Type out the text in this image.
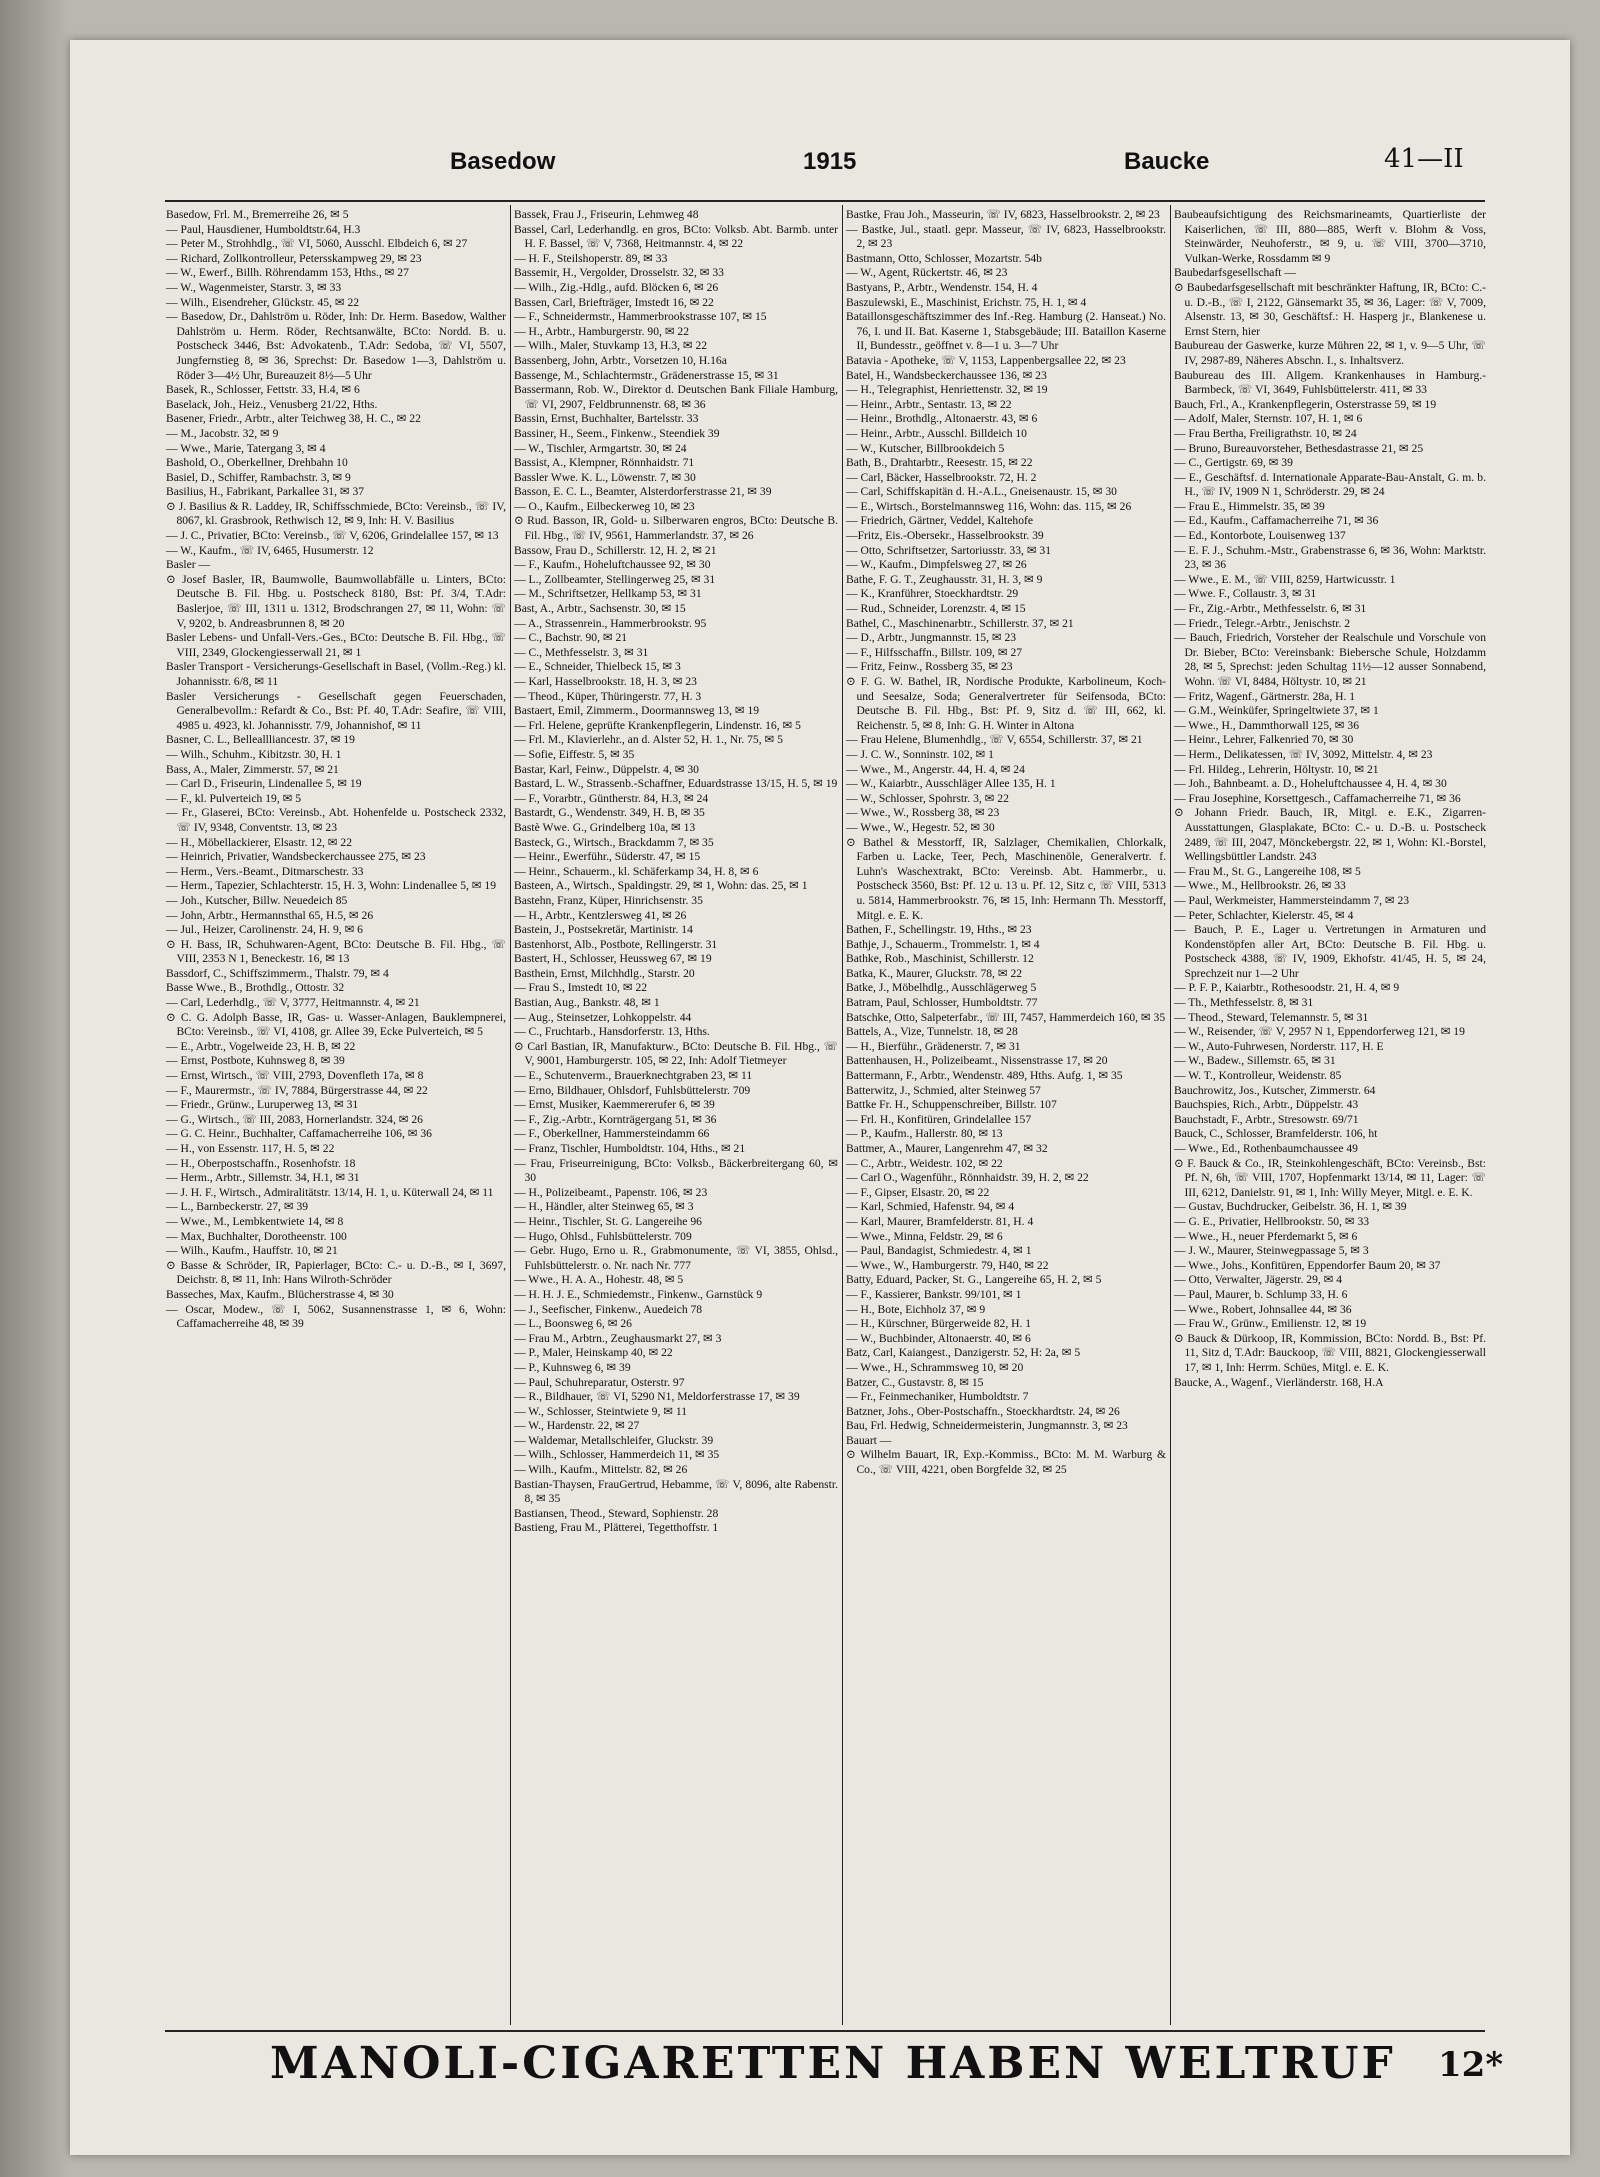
Basedow	1915	Baucke	41—II
Basedow, Frl. M., Bremerreihe 26, ✉ 5
— Paul, Hausdiener, Humboldtstr.64, H.3
— Peter M., Strohhdlg., ☏ VI, 5060, Ausschl. Elbdeich 6, ✉ 27
— Richard, Zollkontrolleur, Petersskampweg 29, ✉ 23
— W., Ewerf., Billh. Röhrendamm 153, Hths., ✉ 27
— W., Wagenmeister, Starstr. 3, ✉ 33
— Wilh., Eisendreher, Glückstr. 45, ✉ 22
— Basedow, Dr., Dahlström u. Röder, Inh: Dr. Herm. Basedow, Walther Dahlström u. Herm. Röder, Rechtsanwälte, BCto: Nordd. B. u. Postscheck 3446, Bst: Advokatenb., T.Adr: Sedoba, ☏ VI, 5507, Jungfernstieg 8, ✉ 36, Sprechst: Dr. Basedow 1—3, Dahlström u. Röder 3—4½ Uhr, Bureauzeit 8½—5 Uhr
Basek, R., Schlosser, Fettstr. 33, H.4, ✉ 6
Baselack, Joh., Heiz., Venusberg 21/22, Hths.
Basener, Friedr., Arbtr., alter Teichweg 38, H. C., ✉ 22
— M., Jacobstr. 32, ✉ 9
— Wwe., Marie, Tatergang 3, ✉ 4
Bashold, O., Oberkellner, Drehbahn 10
Basiel, D., Schiffer, Rambachstr. 3, ✉ 9
Basilius, H., Fabrikant, Parkallee 31, ✉ 37
⊙ J. Basilius & R. Laddey, IR, Schiffsschmiede, BCto: Vereinsb., ☏ IV, 8067, kl. Grasbrook, Rethwisch 12, ✉ 9, Inh: H. V. Basilius
— J. C., Privatier, BCto: Vereinsb., ☏ V, 6206, Grindelallee 157, ✉ 13
— W., Kaufm., ☏ IV, 6465, Husumerstr. 12
Basler —
⊙ Josef Basler, IR, Baumwolle, Baumwollabfälle u. Linters, BCto: Deutsche B. Fil. Hbg. u. Postscheck 8180, Bst: Pf. 3/4, T.Adr: Baslerjoe, ☏ III, 1311 u. 1312, Brodschrangen 27, ✉ 11, Wohn: ☏ V, 9202, b. Andreasbrunnen 8, ✉ 20
Basler Lebens- und Unfall-Vers.-Ges., BCto: Deutsche B. Fil. Hbg., ☏ VIII, 2349, Glockengiesserwall 21, ✉ 1
Basler Transport - Versicherungs-Gesellschaft in Basel, (Vollm.-Reg.) kl. Johannisstr. 6/8, ✉ 11
Basler Versicherungs - Gesellschaft gegen Feuerschaden, Generalbevollm.: Refardt & Co., Bst: Pf. 40, T.Adr: Seafire, ☏ VIII, 4985 u. 4923, kl. Johannisstr. 7/9, Johannishof, ✉ 11
Basner, C. L., Belleallliancestr. 37, ✉ 19
— Wilh., Schuhm., Kibitzstr. 30, H. 1
Bass, A., Maler, Zimmerstr. 57, ✉ 21
— Carl D., Friseurin, Lindenallee 5, ✉ 19
— F., kl. Pulverteich 19, ✉ 5
— Fr., Glaserei, BCto: Vereinsb., Abt. Hohenfelde u. Postscheck 2332, ☏ IV, 9348, Conventstr. 13, ✉ 23
— H., Möbellackierer, Elsastr. 12, ✉ 22
— Heinrich, Privatier, Wandsbeckerchaussee 275, ✉ 23
— Herm., Vers.-Beamt., Ditmarschestr. 33
— Herm., Tapezier, Schlachterstr. 15, H. 3, Wohn: Lindenallee 5, ✉ 19
— Joh., Kutscher, Billw. Neuedeich 85
— John, Arbtr., Hermannsthal 65, H.5, ✉ 26
— Jul., Heizer, Carolinenstr. 24, H. 9, ✉ 6
⊙ H. Bass, IR, Schuhwaren-Agent, BCto: Deutsche B. Fil. Hbg., ☏ VIII, 2353 N 1, Beneckestr. 16, ✉ 13
Bassdorf, C., Schiffszimmerm., Thalstr. 79, ✉ 4
Basse Wwe., B., Brothdlg., Ottostr. 32
— Carl, Lederhdlg., ☏ V, 3777, Heitmannstr. 4, ✉ 21
⊙ C. G. Adolph Basse, IR, Gas- u. Wasser-Anlagen, Bauklempnerei, BCto: Vereinsb., ☏ VI, 4108, gr. Allee 39, Ecke Pulverteich, ✉ 5
— E., Arbtr., Vogelweide 23, H. B, ✉ 22
— Ernst, Postbote, Kuhnsweg 8, ✉ 39
— Ernst, Wirtsch., ☏ VIII, 2793, Dovenfleth 17a, ✉ 8
— F., Maurermstr., ☏ IV, 7884, Bürgerstrasse 44, ✉ 22
— Friedr., Grünw., Luruperweg 13, ✉ 31
— G., Wirtsch., ☏ III, 2083, Hornerlandstr. 324, ✉ 26
— G. C. Heinr., Buchhalter, Caffamacherreihe 106, ✉ 36
— H., von Essenstr. 117, H. 5, ✉ 22
— H., Oberpostschaffn., Rosenhofstr. 18
— Herm., Arbtr., Sillemstr. 34, H.1, ✉ 31
— J. H. F., Wirtsch., Admiralitätstr. 13/14, H. 1, u. Küterwall 24, ✉ 11
— L., Barnbeckerstr. 27, ✉ 39
— Wwe., M., Lembkentwiete 14, ✉ 8
— Max, Buchhalter, Dorotheenstr. 100
— Wilh., Kaufm., Hauffstr. 10, ✉ 21
⊙ Basse & Schröder, IR, Papierlager, BCto: C.- u. D.-B., ✉ I, 3697, Deichstr. 8, ✉ 11, Inh: Hans Wilroth-Schröder
Basseches, Max, Kaufm., Blücherstrasse 4, ✉ 30
— Oscar, Modew., ☏ I, 5062, Susannenstrasse 1, ✉ 6, Wohn: Caffamacherreihe 48, ✉ 39
Bassek, Frau J., Friseurin, Lehmweg 48
Bassel, Carl, Lederhandlg. en gros, BCto: Volksb. Abt. Barmb. unter H. F. Bassel, ☏ V, 7368, Heitmannstr. 4, ✉ 22
— H. F., Steilshoperstr. 89, ✉ 33
Bassemir, H., Vergolder, Drosselstr. 32, ✉ 33
— Wilh., Zig.-Hdlg., aufd. Blöcken 6, ✉ 26
Bassen, Carl, Briefträger, Imstedt 16, ✉ 22
— F., Schneidermstr., Hammerbrookstrasse 107, ✉ 15
— H., Arbtr., Hamburgerstr. 90, ✉ 22
— Wilh., Maler, Stuvkamp 13, H.3, ✉ 22
Bassenberg, John, Arbtr., Vorsetzen 10, H.16a
Bassenge, M., Schlachtermstr., Grädenerstrasse 15, ✉ 31
Bassermann, Rob. W., Direktor d. Deutschen Bank Filiale Hamburg, ☏ VI, 2907, Feldbrunnenstr. 68, ✉ 36
Bassin, Ernst, Buchhalter, Bartelsstr. 33
Bassiner, H., Seem., Finkenw., Steendiek 39
— W., Tischler, Armgartstr. 30, ✉ 24
Bassist, A., Klempner, Rönnhaidstr. 71
Bassler Wwe. K. L., Löwenstr. 7, ✉ 30
Basson, E. C. L., Beamter, Alsterdorferstrasse 21, ✉ 39
— O., Kaufm., Eilbeckerweg 10, ✉ 23
⊙ Rud. Basson, IR, Gold- u. Silberwaren engros, BCto: Deutsche B. Fil. Hbg., ☏ IV, 9561, Hammerlandstr. 37, ✉ 26
Bassow, Frau D., Schillerstr. 12, H. 2, ✉ 21
— F., Kaufm., Hoheluftchaussee 92, ✉ 30
— L., Zollbeamter, Stellingerweg 25, ✉ 31
— M., Schriftsetzer, Hellkamp 53, ✉ 31
Bast, A., Arbtr., Sachsenstr. 30, ✉ 15
— A., Strassenrein., Hammerbrookstr. 95
— C., Bachstr. 90, ✉ 21
— C., Methfesselstr. 3, ✉ 31
— E., Schneider, Thielbeck 15, ✉ 3
— Karl, Hasselbrookstr. 18, H. 3, ✉ 23
— Theod., Küper, Thüringerstr. 77, H. 3
Bastaert, Emil, Zimmerm., Doormannsweg 13, ✉ 19
— Frl. Helene, geprüfte Krankenpflegerin, Lindenstr. 16, ✉ 5
— Frl. M., Klavierlehr., an d. Alster 52, H. 1., Nr. 75, ✉ 5
— Sofie, Eiffestr. 5, ✉ 35
Bastar, Karl, Feinw., Düppelstr. 4, ✉ 30
Bastard, L. W., Strassenb.-Schaffner, Eduardstrasse 13/15, H. 5, ✉ 19
— F., Vorarbtr., Güntherstr. 84, H.3, ✉ 24
Bastardt, G., Wendenstr. 349, H. B, ✉ 35
Bastè Wwe. G., Grindelberg 10a, ✉ 13
Basteck, G., Wirtsch., Brackdamm 7, ✉ 35
— Heinr., Ewerführ., Süderstr. 47, ✉ 15
— Heinr., Schauerm., kl. Schäferkamp 34, H. 8, ✉ 6
Basteen, A., Wirtsch., Spaldingstr. 29, ✉ 1, Wohn: das. 25, ✉ 1
Bastehn, Franz, Küper, Hinrichsenstr. 35
— H., Arbtr., Kentzlersweg 41, ✉ 26
Bastein, J., Postsekretär, Martinistr. 14
Bastenhorst, Alb., Postbote, Rellingerstr. 31
Bastert, H., Schlosser, Heussweg 67, ✉ 19
Basthein, Ernst, Milchhdlg., Starstr. 20
— Frau S., Imstedt 10, ✉ 22
Bastian, Aug., Bankstr. 48, ✉ 1
— Aug., Steinsetzer, Lohkoppelstr. 44
— C., Fruchtarb., Hansdorferstr. 13, Hths.
⊙ Carl Bastian, IR, Manufakturw., BCto: Deutsche B. Fil. Hbg., ☏ V, 9001, Hamburgerstr. 105, ✉ 22, Inh: Adolf Tietmeyer
— E., Schutenverm., Brauerknechtgraben 23, ✉ 11
— Erno, Bildhauer, Ohlsdorf, Fuhlsbüttelerstr. 709
— Ernst, Musiker, Kaemmererufer 6, ✉ 39
— F., Zig.-Arbtr., Kornträgergang 51, ✉ 36
— F., Oberkellner, Hammersteindamm 66
— Franz, Tischler, Humboldtstr. 104, Hths., ✉ 21
— Frau, Friseurreinigung, BCto: Volksb., Bäckerbreitergang 60, ✉ 30
— H., Polizeibeamt., Papenstr. 106, ✉ 23
— H., Händler, alter Steinweg 65, ✉ 3
— Heinr., Tischler, St. G. Langereihe 96
— Hugo, Ohlsd., Fuhlsbüttelerstr. 709
— Gebr. Hugo, Erno u. R., Grabmonumente, ☏ VI, 3855, Ohlsd., Fuhlsbüttelerstr. o. Nr. nach Nr. 777
— Wwe., H. A. A., Hohestr. 48, ✉ 5
— H. H. J. E., Schmiedemstr., Finkenw., Garnstück 9
— J., Seefischer, Finkenw., Auedeich 78
— L., Boonsweg 6, ✉ 26
— Frau M., Arbtrn., Zeughausmarkt 27, ✉ 3
— P., Maler, Heinskamp 40, ✉ 22
— P., Kuhnsweg 6, ✉ 39
— Paul, Schuhreparatur, Osterstr. 97
— R., Bildhauer, ☏ VI, 5290 N1, Meldorferstrasse 17, ✉ 39
— W., Schlosser, Steintwiete 9, ✉ 11
— W., Hardenstr. 22, ✉ 27
— Waldemar, Metallschleifer, Gluckstr. 39
— Wilh., Schlosser, Hammerdeich 11, ✉ 35
— Wilh., Kaufm., Mittelstr. 82, ✉ 26
Bastian-Thaysen, FrauGertrud, Hebamme, ☏ V, 8096, alte Rabenstr. 8, ✉ 35
Bastiansen, Theod., Steward, Sophienstr. 28
Bastieng, Frau M., Plätterei, Tegetthoffstr. 1
Bastke, Frau Joh., Masseurin, ☏ IV, 6823, Hasselbrookstr. 2, ✉ 23
— Bastke, Jul., staatl. gepr. Masseur, ☏ IV, 6823, Hasselbrookstr. 2, ✉ 23
Bastmann, Otto, Schlosser, Mozartstr. 54b
— W., Agent, Rückertstr. 46, ✉ 23
Bastyans, P., Arbtr., Wendenstr. 154, H. 4
Baszulewski, E., Maschinist, Erichstr. 75, H. 1, ✉ 4
Bataillonsgeschäftszimmer des Inf.-Reg. Hamburg (2. Hanseat.) No. 76, I. und II. Bat. Kaserne 1, Stabsgebäude; III. Bataillon Kaserne II, Bundesstr., geöffnet v. 8—1 u. 3—7 Uhr
Batavia - Apotheke, ☏ V, 1153, Lappenbergsallee 22, ✉ 23
Batel, H., Wandsbeckerchaussee 136, ✉ 23
— H., Telegraphist, Henriettenstr. 32, ✉ 19
— Heinr., Arbtr., Sentastr. 13, ✉ 22
— Heinr., Brothdlg., Altonaerstr. 43, ✉ 6
— Heinr., Arbtr., Ausschl. Billdeich 10
— W., Kutscher, Billbrookdeich 5
Bath, B., Drahtarbtr., Reesestr. 15, ✉ 22
— Carl, Bäcker, Hasselbrookstr. 72, H. 2
— Carl, Schiffskapitän d. H.-A.L., Gneisenaustr. 15, ✉ 30
— E., Wirtsch., Borstelmannsweg 116, Wohn: das. 115, ✉ 26
— Friedrich, Gärtner, Veddel, Kaltehofe
—Fritz, Eis.-Obersekr., Hasselbrookstr. 39
— Otto, Schriftsetzer, Sartoriusstr. 33, ✉ 31
— W., Kaufm., Dimpfelsweg 27, ✉ 26
Bathe, F. G. T., Zeughausstr. 31, H. 3, ✉ 9
— K., Kranführer, Stoeckhardtstr. 29
— Rud., Schneider, Lorenzstr. 4, ✉ 15
Bathel, C., Maschinenarbtr., Schillerstr. 37, ✉ 21
— D., Arbtr., Jungmannstr. 15, ✉ 23
— F., Hilfsschaffn., Billstr. 109, ✉ 27
— Fritz, Feinw., Rossberg 35, ✉ 23
⊙ F. G. W. Bathel, IR, Nordische Produkte, Karbolineum, Koch- und Seesalze, Soda; Generalvertreter für Seifensoda, BCto: Deutsche B. Fil. Hbg., Bst: Pf. 9, Sitz d. ☏ III, 662, kl. Reichenstr. 5, ✉ 8, Inh: G. H. Winter in Altona
— Frau Helene, Blumenhdlg., ☏ V, 6554, Schillerstr. 37, ✉ 21
— J. C. W., Sonninstr. 102, ✉ 1
— Wwe., M., Angerstr. 44, H. 4, ✉ 24
— W., Kaiarbtr., Ausschläger Allee 135, H. 1
— W., Schlosser, Spohrstr. 3, ✉ 22
— Wwe., W., Rossberg 38, ✉ 23
— Wwe., W., Hegestr. 52, ✉ 30
⊙ Bathel & Messtorff, IR, Salzlager, Chemikalien, Chlorkalk, Farben u. Lacke, Teer, Pech, Maschinenöle, Generalvertr. f. Luhn's Waschextrakt, BCto: Vereinsb. Abt. Hammerbr., u. Postscheck 3560, Bst: Pf. 12 u. 13 u. Pf. 12, Sitz c, ☏ VIII, 5313 u. 5814, Hammerbrookstr. 76, ✉ 15, Inh: Hermann Th. Messtorff, Mitgl. e. E. K.
Bathen, F., Schellingstr. 19, Hths., ✉ 23
Bathje, J., Schauerm., Trommelstr. 1, ✉ 4
Bathke, Rob., Maschinist, Schillerstr. 12
Batka, K., Maurer, Gluckstr. 78, ✉ 22
Batke, J., Möbelhdlg., Ausschlägerweg 5
Batram, Paul, Schlosser, Humboldtstr. 77
Batschke, Otto, Salpeterfabr., ☏ III, 7457, Hammerdeich 160, ✉ 35
Battels, A., Vize, Tunnelstr. 18, ✉ 28
— H., Bierführ., Grädenerstr. 7, ✉ 31
Battenhausen, H., Polizeibeamt., Nissenstrasse 17, ✉ 20
Battermann, F., Arbtr., Wendenstr. 489, Hths. Aufg. 1, ✉ 35
Batterwitz, J., Schmied, alter Steinweg 57
Battke Fr. H., Schuppenschreiber, Billstr. 107
— Frl. H., Konfitüren, Grindelallee 157
— P., Kaufm., Hallerstr. 80, ✉ 13
Battmer, A., Maurer, Langenrehm 47, ✉ 32
— C., Arbtr., Weidestr. 102, ✉ 22
— Carl O., Wagenführ., Rönnhaidstr. 39, H. 2, ✉ 22
— F., Gipser, Elsastr. 20, ✉ 22
— Karl, Schmied, Hafenstr. 94, ✉ 4
— Karl, Maurer, Bramfelderstr. 81, H. 4
— Wwe., Minna, Feldstr. 29, ✉ 6
— Paul, Bandagist, Schmiedestr. 4, ✉ 1
— Wwe., W., Hamburgerstr. 79, H40, ✉ 22
Batty, Eduard, Packer, St. G., Langereihe 65, H. 2, ✉ 5
— F., Kassierer, Bankstr. 99/101, ✉ 1
— H., Bote, Eichholz 37, ✉ 9
— H., Kürschner, Bürgerweide 82, H. 1
— W., Buchbinder, Altonaerstr. 40, ✉ 6
Batz, Carl, Kaiangest., Danzigerstr. 52, H: 2a, ✉ 5
— Wwe., H., Schrammsweg 10, ✉ 20
Batzer, C., Gustavstr. 8, ✉ 15
— Fr., Feinmechaniker, Humboldtstr. 7
Batzner, Johs., Ober-Postschaffn., Stoeckhardtstr. 24, ✉ 26
Bau, Frl. Hedwig, Schneidermeisterin, Jungmannstr. 3, ✉ 23
Bauart —
⊙ Wilhelm Bauart, IR, Exp.-Kommiss., BCto: M. M. Warburg & Co., ☏ VIII, 4221, oben Borgfelde 32, ✉ 25
Baubeaufsichtigung des Reichsmarineamts, Quartierliste der Kaiserlichen, ☏ III, 880—885, Werft v. Blohm & Voss, Steinwärder, Neuhoferstr., ✉ 9, u. ☏ VIII, 3700—3710, Vulkan-Werke, Rossdamm ✉ 9
Baubedarfsgesellschaft —
⊙ Baubedarfsgesellschaft mit beschränkter Haftung, IR, BCto: C.- u. D.-B., ☏ I, 2122, Gänsemarkt 35, ✉ 36, Lager: ☏ V, 7009, Alsenstr. 13, ✉ 30, Geschäftsf.: H. Hasperg jr., Blankenese u. Ernst Stern, hier
Baubureau der Gaswerke, kurze Mühren 22, ✉ 1, v. 9—5 Uhr, ☏ IV, 2987-89, Näheres Abschn. I., s. Inhaltsverz.
Baubureau des III. Allgem. Krankenhauses in Hamburg.-Barmbeck, ☏ VI, 3649, Fuhlsbüttelerstr. 411, ✉ 33
Bauch, Frl., A., Krankenpflegerin, Osterstrasse 59, ✉ 19
— Adolf, Maler, Sternstr. 107, H. 1, ✉ 6
— Frau Bertha, Freiligrathstr. 10, ✉ 24
— Bruno, Bureauvorsteher, Bethesdastrasse 21, ✉ 25
— C., Gertigstr. 69, ✉ 39
— E., Geschäftsf. d. Internationale Apparate-Bau-Anstalt, G. m. b. H., ☏ IV, 1909 N 1, Schröderstr. 29, ✉ 24
— Frau E., Himmelstr. 35, ✉ 39
— Ed., Kaufm., Caffamacherreihe 71, ✉ 36
— Ed., Kontorbote, Louisenweg 137
— E. F. J., Schuhm.-Mstr., Grabenstrasse 6, ✉ 36, Wohn: Marktstr. 23, ✉ 36
— Wwe., E. M., ☏ VIII, 8259, Hartwicusstr. 1
— Wwe. F., Collaustr. 3, ✉ 31
— Fr., Zig.-Arbtr., Methfesselstr. 6, ✉ 31
— Friedr., Telegr.-Arbtr., Jenischstr. 2
— Bauch, Friedrich, Vorsteher der Realschule und Vorschule von Dr. Bieber, BCto: Vereinsbank: Biebersche Schule, Holzdamm 28, ✉ 5, Sprechst: jeden Schultag 11½—12 ausser Sonnabend, Wohn. ☏ VI, 8484, Höltystr. 10, ✉ 21
— Fritz, Wagenf., Gärtnerstr. 28a, H. 1
— G.M., Weinküfer, Springeltwiete 37, ✉ 1
— Wwe., H., Dammthorwall 125, ✉ 36
— Heinr., Lehrer, Falkenried 70, ✉ 30
— Herm., Delikatessen, ☏ IV, 3092, Mittelstr. 4, ✉ 23
— Frl. Hildeg., Lehrerin, Höltystr. 10, ✉ 21
— Joh., Bahnbeamt. a. D., Hoheluftchaussee 4, H. 4, ✉ 30
— Frau Josephine, Korsettgesch., Caffamacherreihe 71, ✉ 36
⊙ Johann Friedr. Bauch, IR, Mitgl. e. E.K., Zigarren-Ausstattungen, Glasplakate, BCto: C.- u. D.-B. u. Postscheck 2489, ☏ III, 2047, Mönckebergstr. 22, ✉ 1, Wohn: Kl.-Borstel, Wellingsbüttler Landstr. 243
— Frau M., St. G., Langereihe 108, ✉ 5
— Wwe., M., Hellbrookstr. 26, ✉ 33
— Paul, Werkmeister, Hammersteindamm 7, ✉ 23
— Peter, Schlachter, Kielerstr. 45, ✉ 4
— Bauch, P. E., Lager u. Vertretungen in Armaturen und Kondenstöpfen aller Art, BCto: Deutsche B. Fil. Hbg. u. Postscheck 4388, ☏ IV, 1909, Ekhofstr. 41/45, H. 5, ✉ 24, Sprechzeit nur 1—2 Uhr
— P. F. P., Kaiarbtr., Rothesoodstr. 21, H. 4, ✉ 9
— Th., Methfesselstr. 8, ✉ 31
— Theod., Steward, Telemannstr. 5, ✉ 31
— W., Reisender, ☏ V, 2957 N 1, Eppendorferweg 121, ✉ 19
— W., Auto-Fuhrwesen, Norderstr. 117, H. E
— W., Badew., Sillemstr. 65, ✉ 31
— W. T., Kontrolleur, Weidenstr. 85
Bauchrowitz, Jos., Kutscher, Zimmerstr. 64
Bauchspies, Rich., Arbtr., Düppelstr. 43
Bauchstadt, F., Arbtr., Stresowstr. 69/71
Bauck, C., Schlosser, Bramfelderstr. 106, ht
— Wwe., Ed., Rothenbaumchaussee 49
⊙ F. Bauck & Co., IR, Steinkohlengeschäft, BCto: Vereinsb., Bst: Pf. N, 6h, ☏ VIII, 1707, Hopfenmarkt 13/14, ✉ 11, Lager: ☏ III, 6212, Danielstr. 91, ✉ 1, Inh: Willy Meyer, Mitgl. e. E. K.
— Gustav, Buchdrucker, Geibelstr. 36, H. 1, ✉ 39
— G. E., Privatier, Hellbrookstr. 50, ✉ 33
— Wwe., H., neuer Pferdemarkt 5, ✉ 6
— J. W., Maurer, Steinwegpassage 5, ✉ 3
— Wwe., Johs., Konfitüren, Eppendorfer Baum 20, ✉ 37
— Otto, Verwalter, Jägerstr. 29, ✉ 4
— Paul, Maurer, b. Schlump 33, H. 6
— Wwe., Robert, Johnsallee 44, ✉ 36
— Frau W., Grünw., Emilienstr. 12, ✉ 19
⊙ Bauck & Dürkoop, IR, Kommission, BCto: Nordd. B., Bst: Pf. 11, Sitz d, T.Adr: Bauckoop, ☏ VIII, 8821, Glockengiesserwall 17, ✉ 1, Inh: Herrm. Schües, Mitgl. e. E. K.
Baucke, A., Wagenf., Vierländerstr. 168, H.A
MANOLI-CIGARETTEN HABEN WELTRUF 12*
